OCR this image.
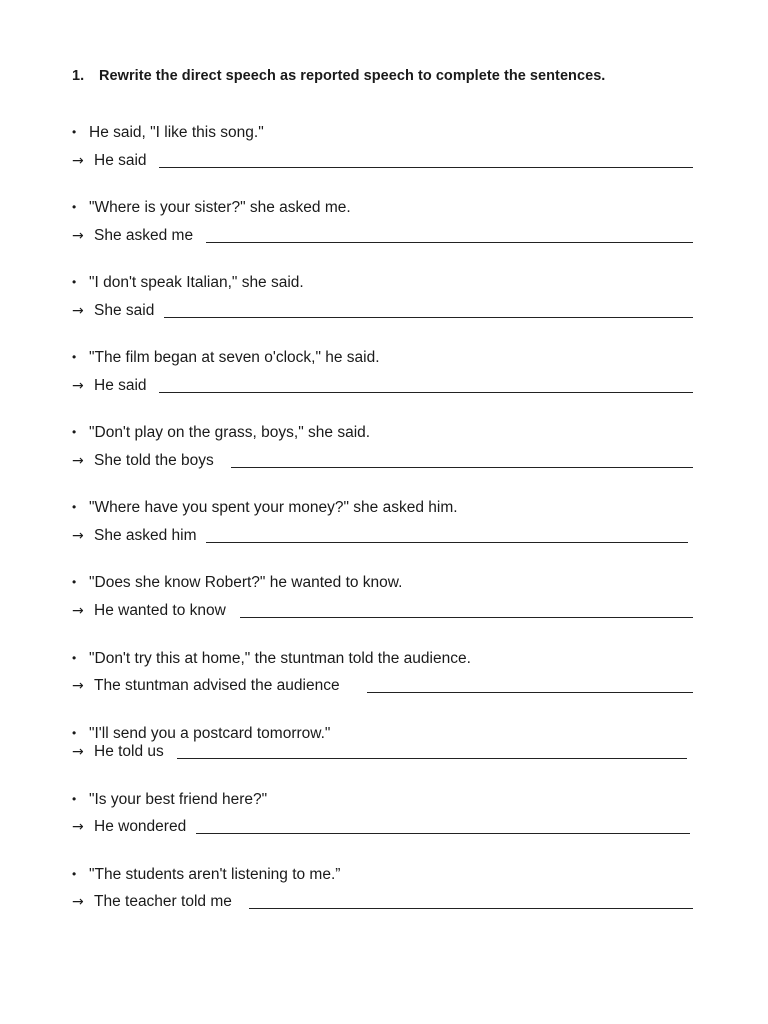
1. Rewrite the direct speech as reported speech to complete the sentences.
• He said, "I like this song."
→ He said
• "Where is your sister?" she asked me.
→ She asked me
• "I don't speak Italian," she said.
→ She said
• "The film began at seven o'clock," he said.
→ He said
• "Don't play on the grass, boys," she said.
→ She told the boys
• "Where have you spent your money?" she asked him.
→ She asked him
• "Does she know Robert?" he wanted to know.
→ He wanted to know
• "Don't try this at home," the stuntman told the audience.
→ The stuntman advised the audience
• "I'll send you a postcard tomorrow."
→ He told us
• "Is your best friend here?"
→ He wondered
• "The students aren't listening to me.”
→ The teacher told me
